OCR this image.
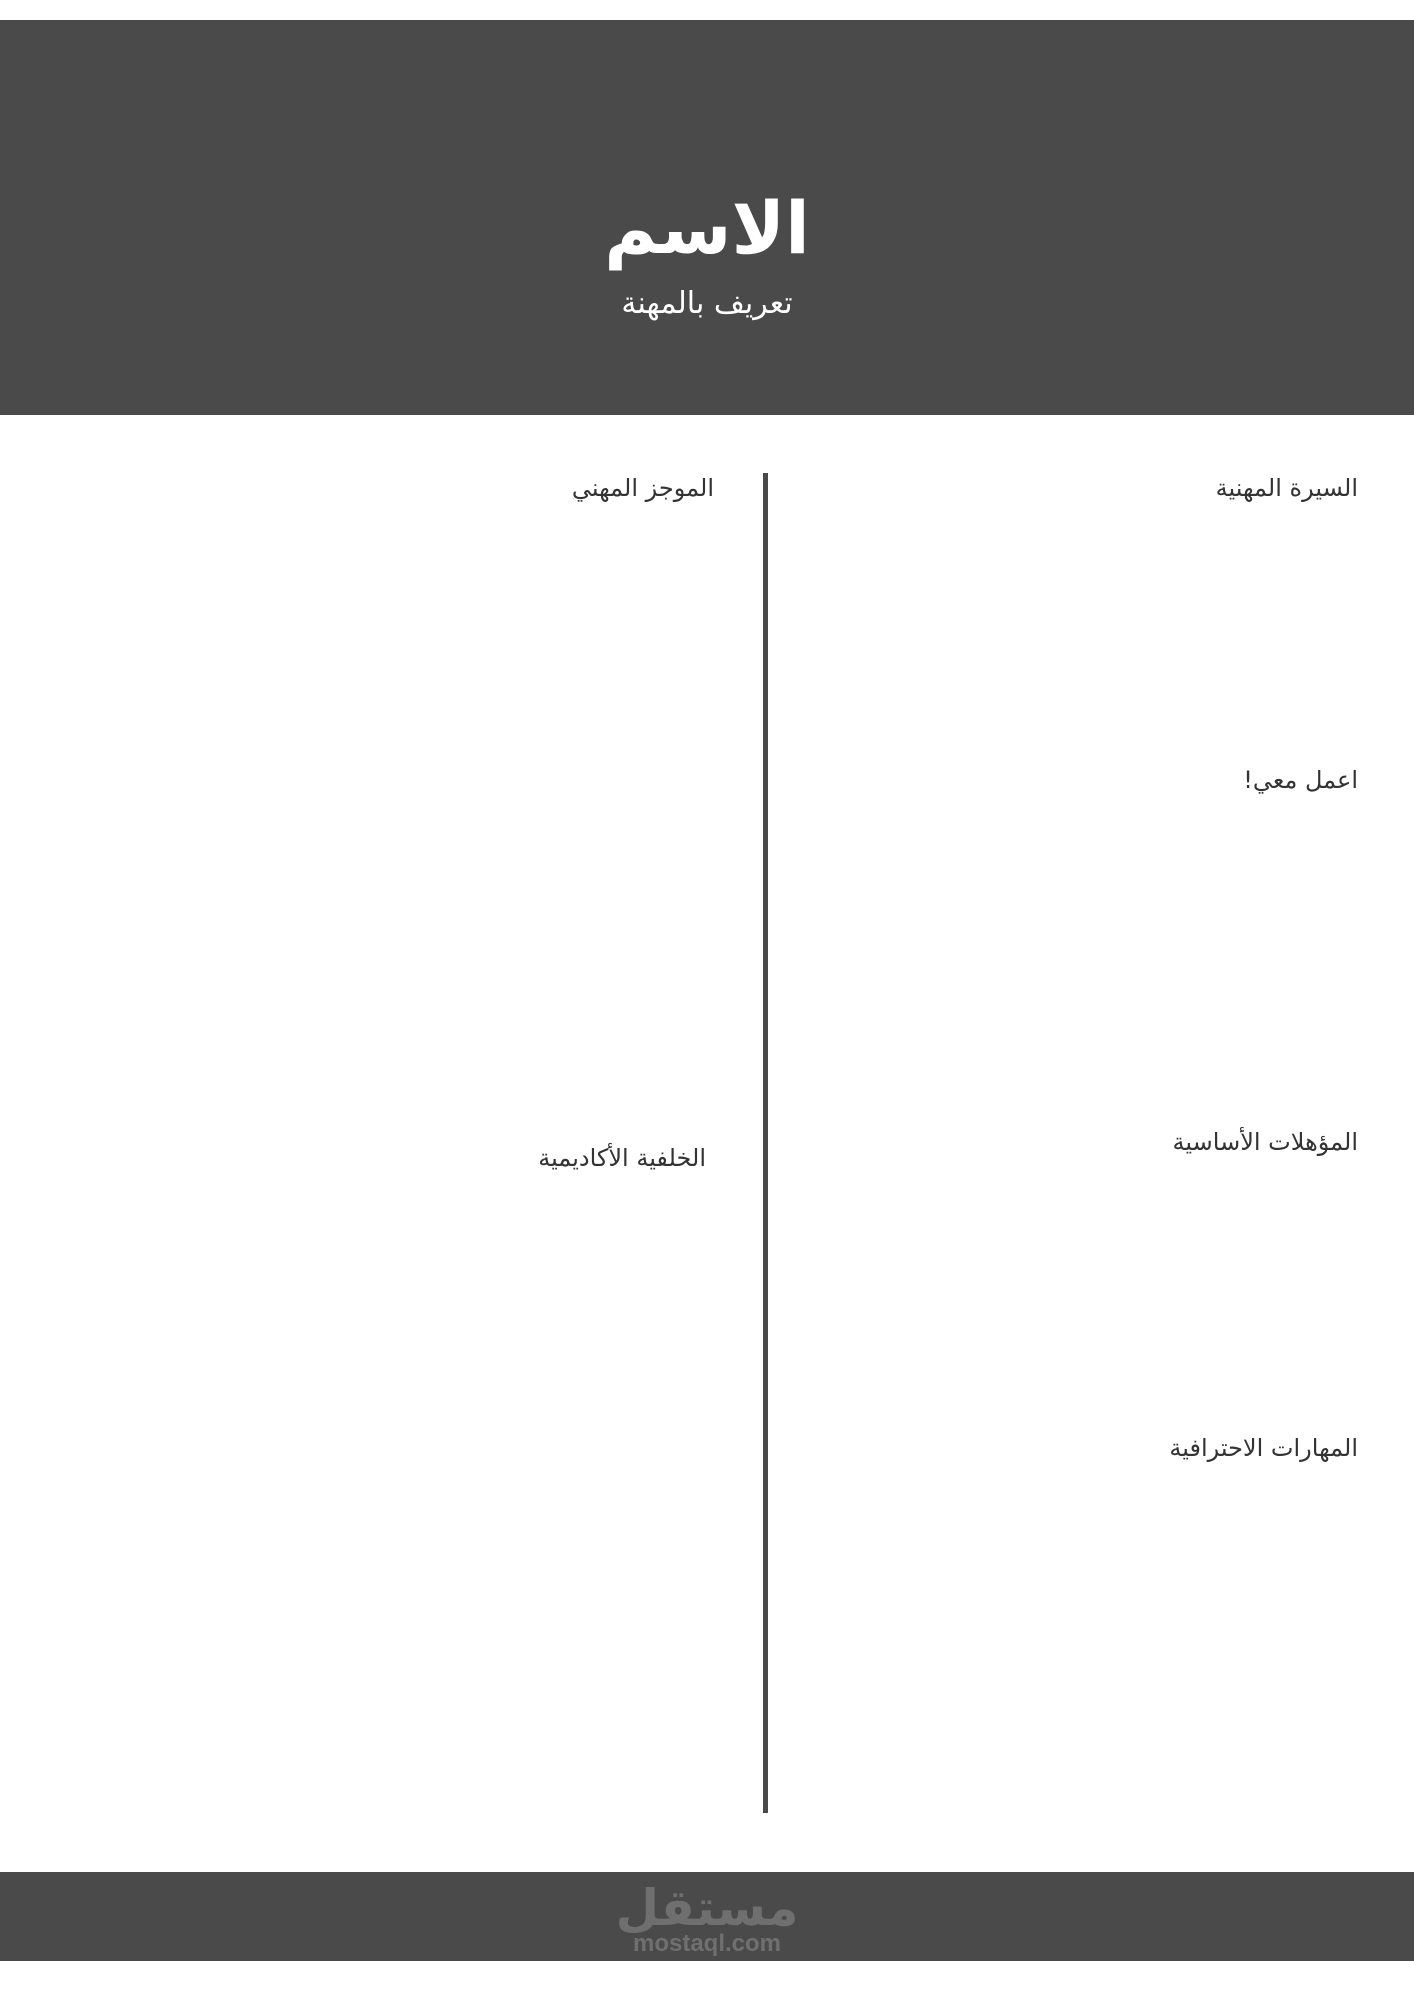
الاسم
تعريف بالمهنة
السيرة المهنية
اعمل معي!
المؤهلات الأساسية
المهارات الاحترافية
الموجز المهني
الخلفية الأكاديمية
مستقل
mostaql.com
